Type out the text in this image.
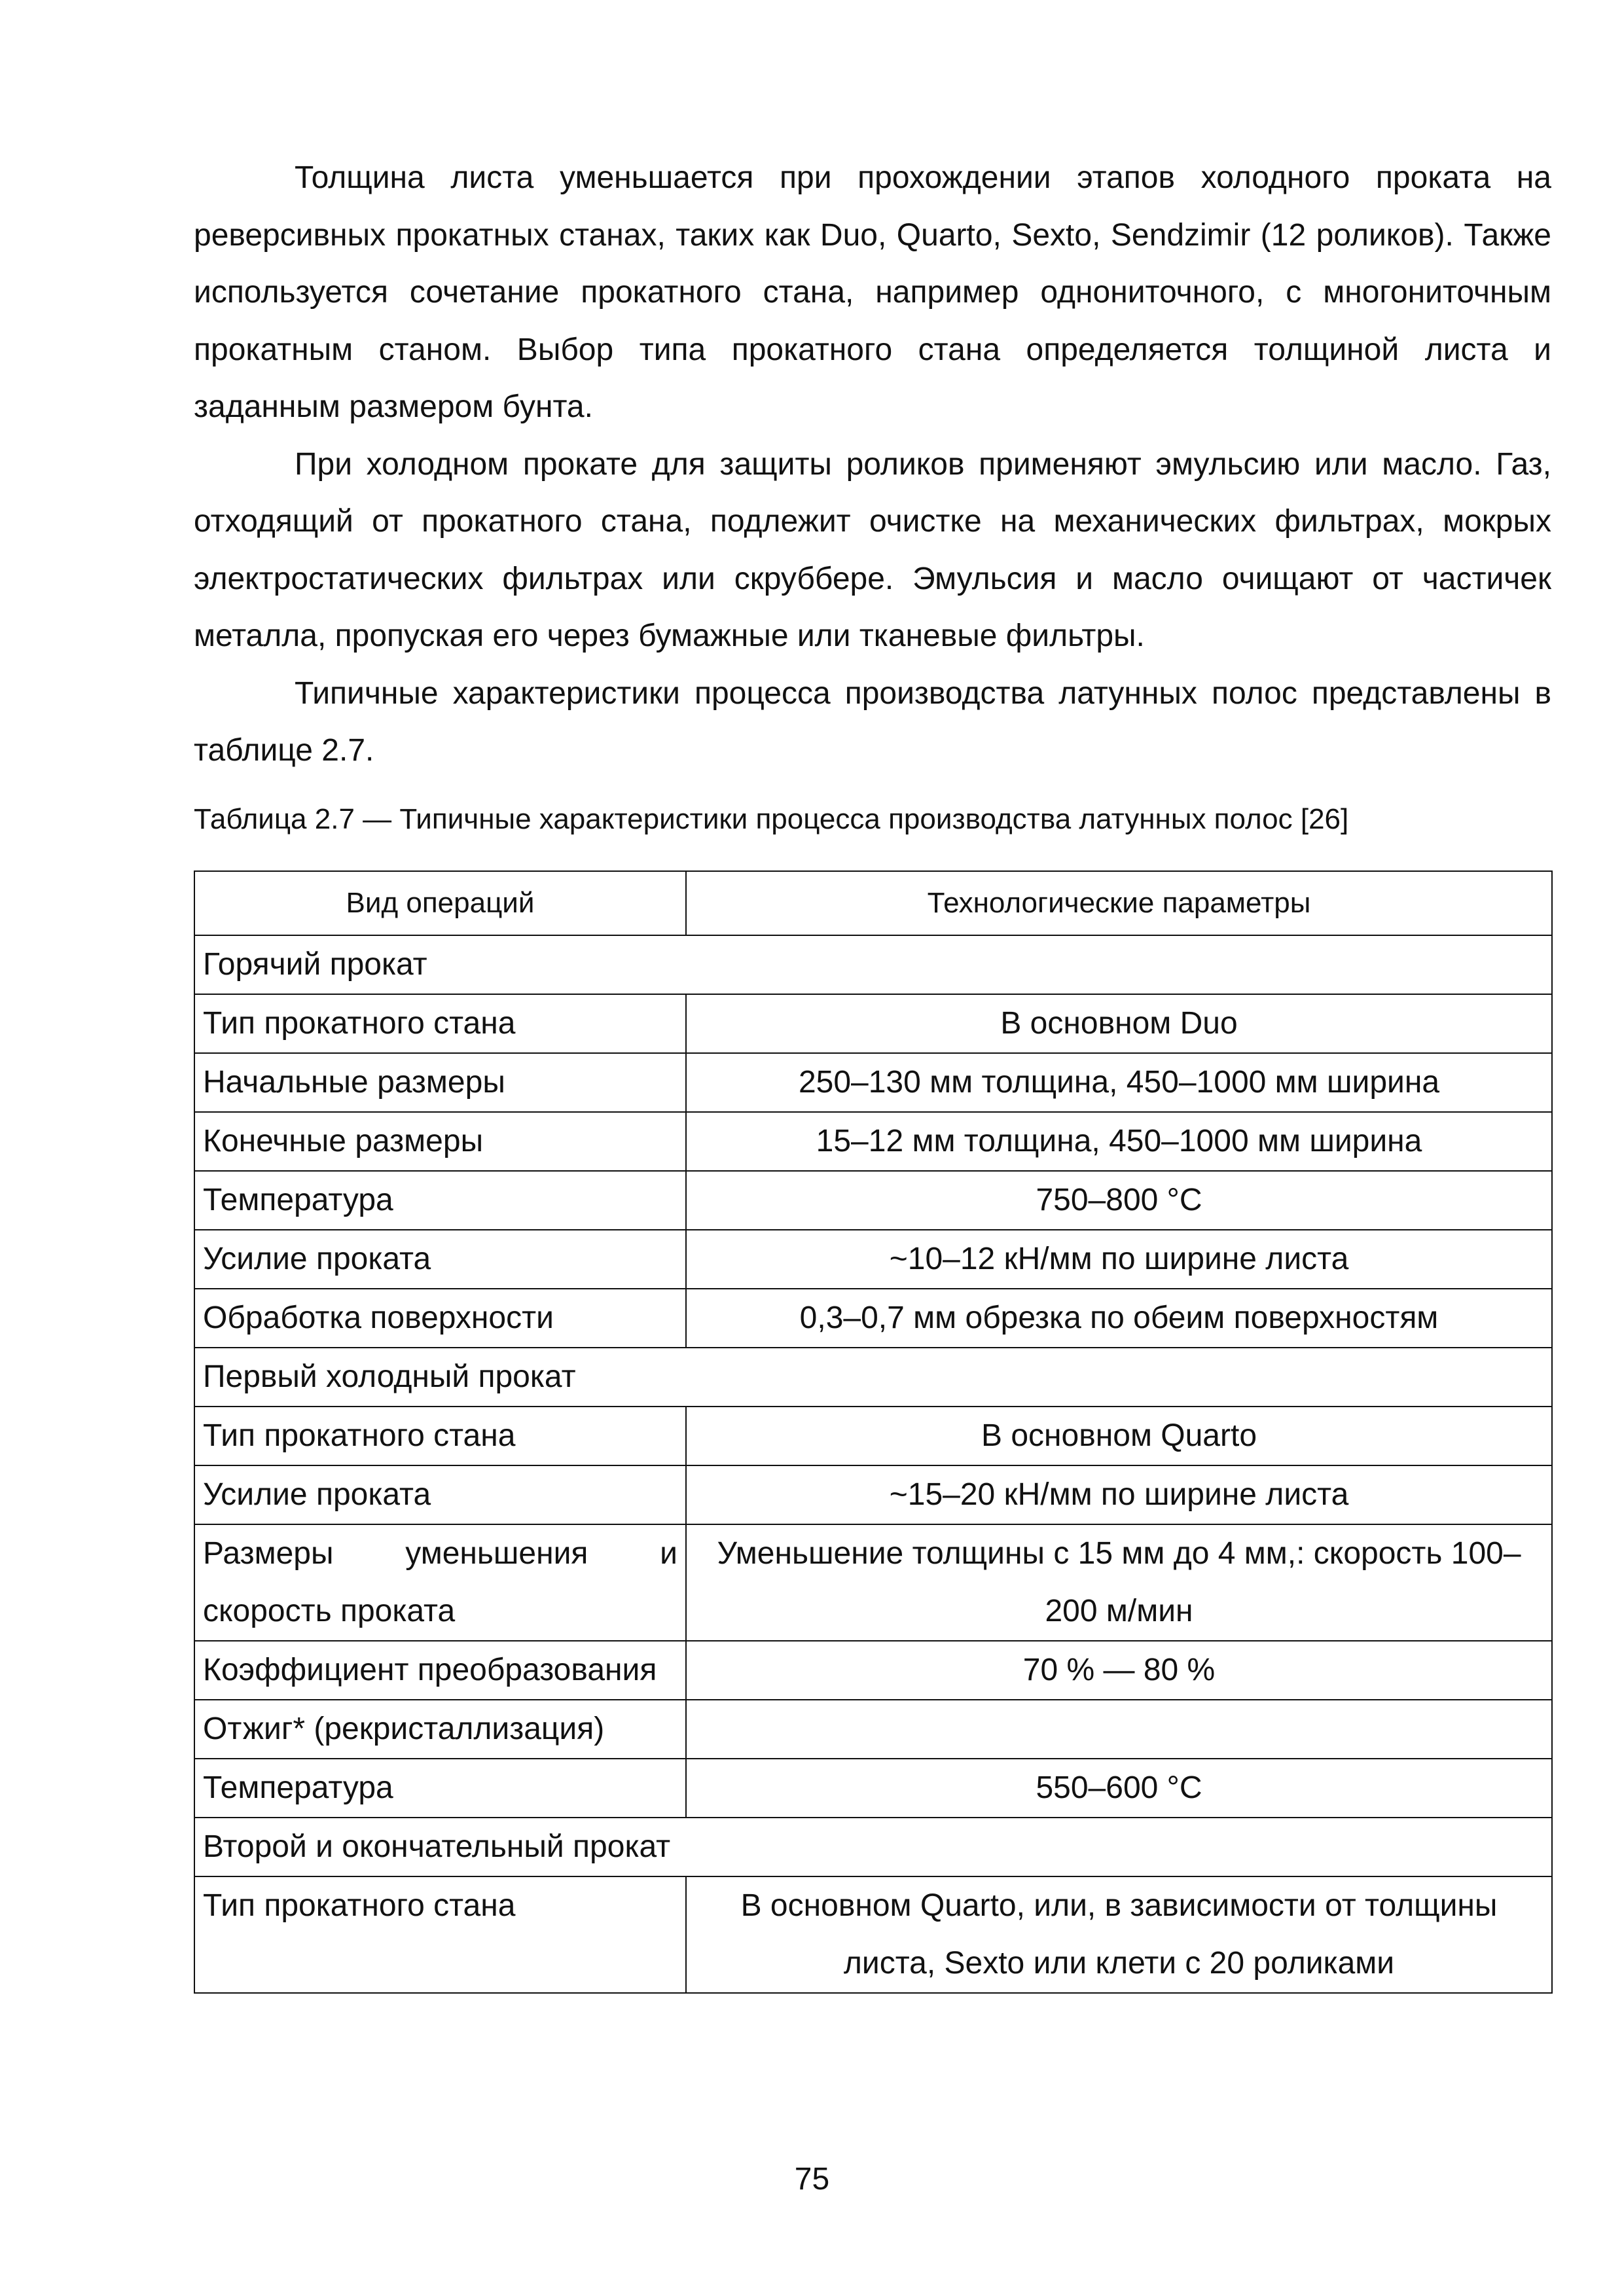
Толщина листа уменьшается при прохождении этапов холодного проката на реверсивных прокатных станах, таких как Duo, Quarto, Sexto, Sendzimir (12 роликов). Также используется сочетание прокатного стана, например однониточного, с многониточным прокатным станом. Выбор типа прокатного стана определяется толщиной листа и заданным размером бунта.

При холодном прокате для защиты роликов применяют эмульсию или масло. Газ, отходящий от прокатного стана, подлежит очистке на механических фильтрах, мокрых электростатических фильтрах или скруббере. Эмульсия и масло очищают от частичек металла, пропуская его через бумажные или тканевые фильтры.

Типичные характеристики процесса производства латунных полос представлены в таблице 2.7.

Таблица 2.7 — Типичные характеристики процесса производства латунных полос [26]
Вид операций	Технологические параметры
Горячий прокат	
Тип прокатного стана	В основном Duo
Начальные размеры	250–130 мм толщина, 450–1000 мм ширина
Конечные размеры	15–12 мм толщина, 450–1000 мм ширина
Температура	750–800 °С
Усилие проката	~10–12 кН/мм по ширине листа
Обработка поверхности	0,3–0,7 мм обрезка по обеим поверхностям
Первый холодный прокат	
Тип прокатного стана	В основном Quarto
Усилие проката	~15–20 кН/мм по ширине листа
Размеры уменьшения и скорость проката	Уменьшение толщины с 15 мм до 4 мм,: скорость 100–200 м/мин
Коэффициент преобразования	70 % — 80 %
Отжиг* (рекристаллизация)	
Температура	550–600 °С
Второй и окончательный прокат	
Тип прокатного стана	В основном Quarto, или, в зависимости от толщины листа, Sexto или клети с 20 роликами
75
